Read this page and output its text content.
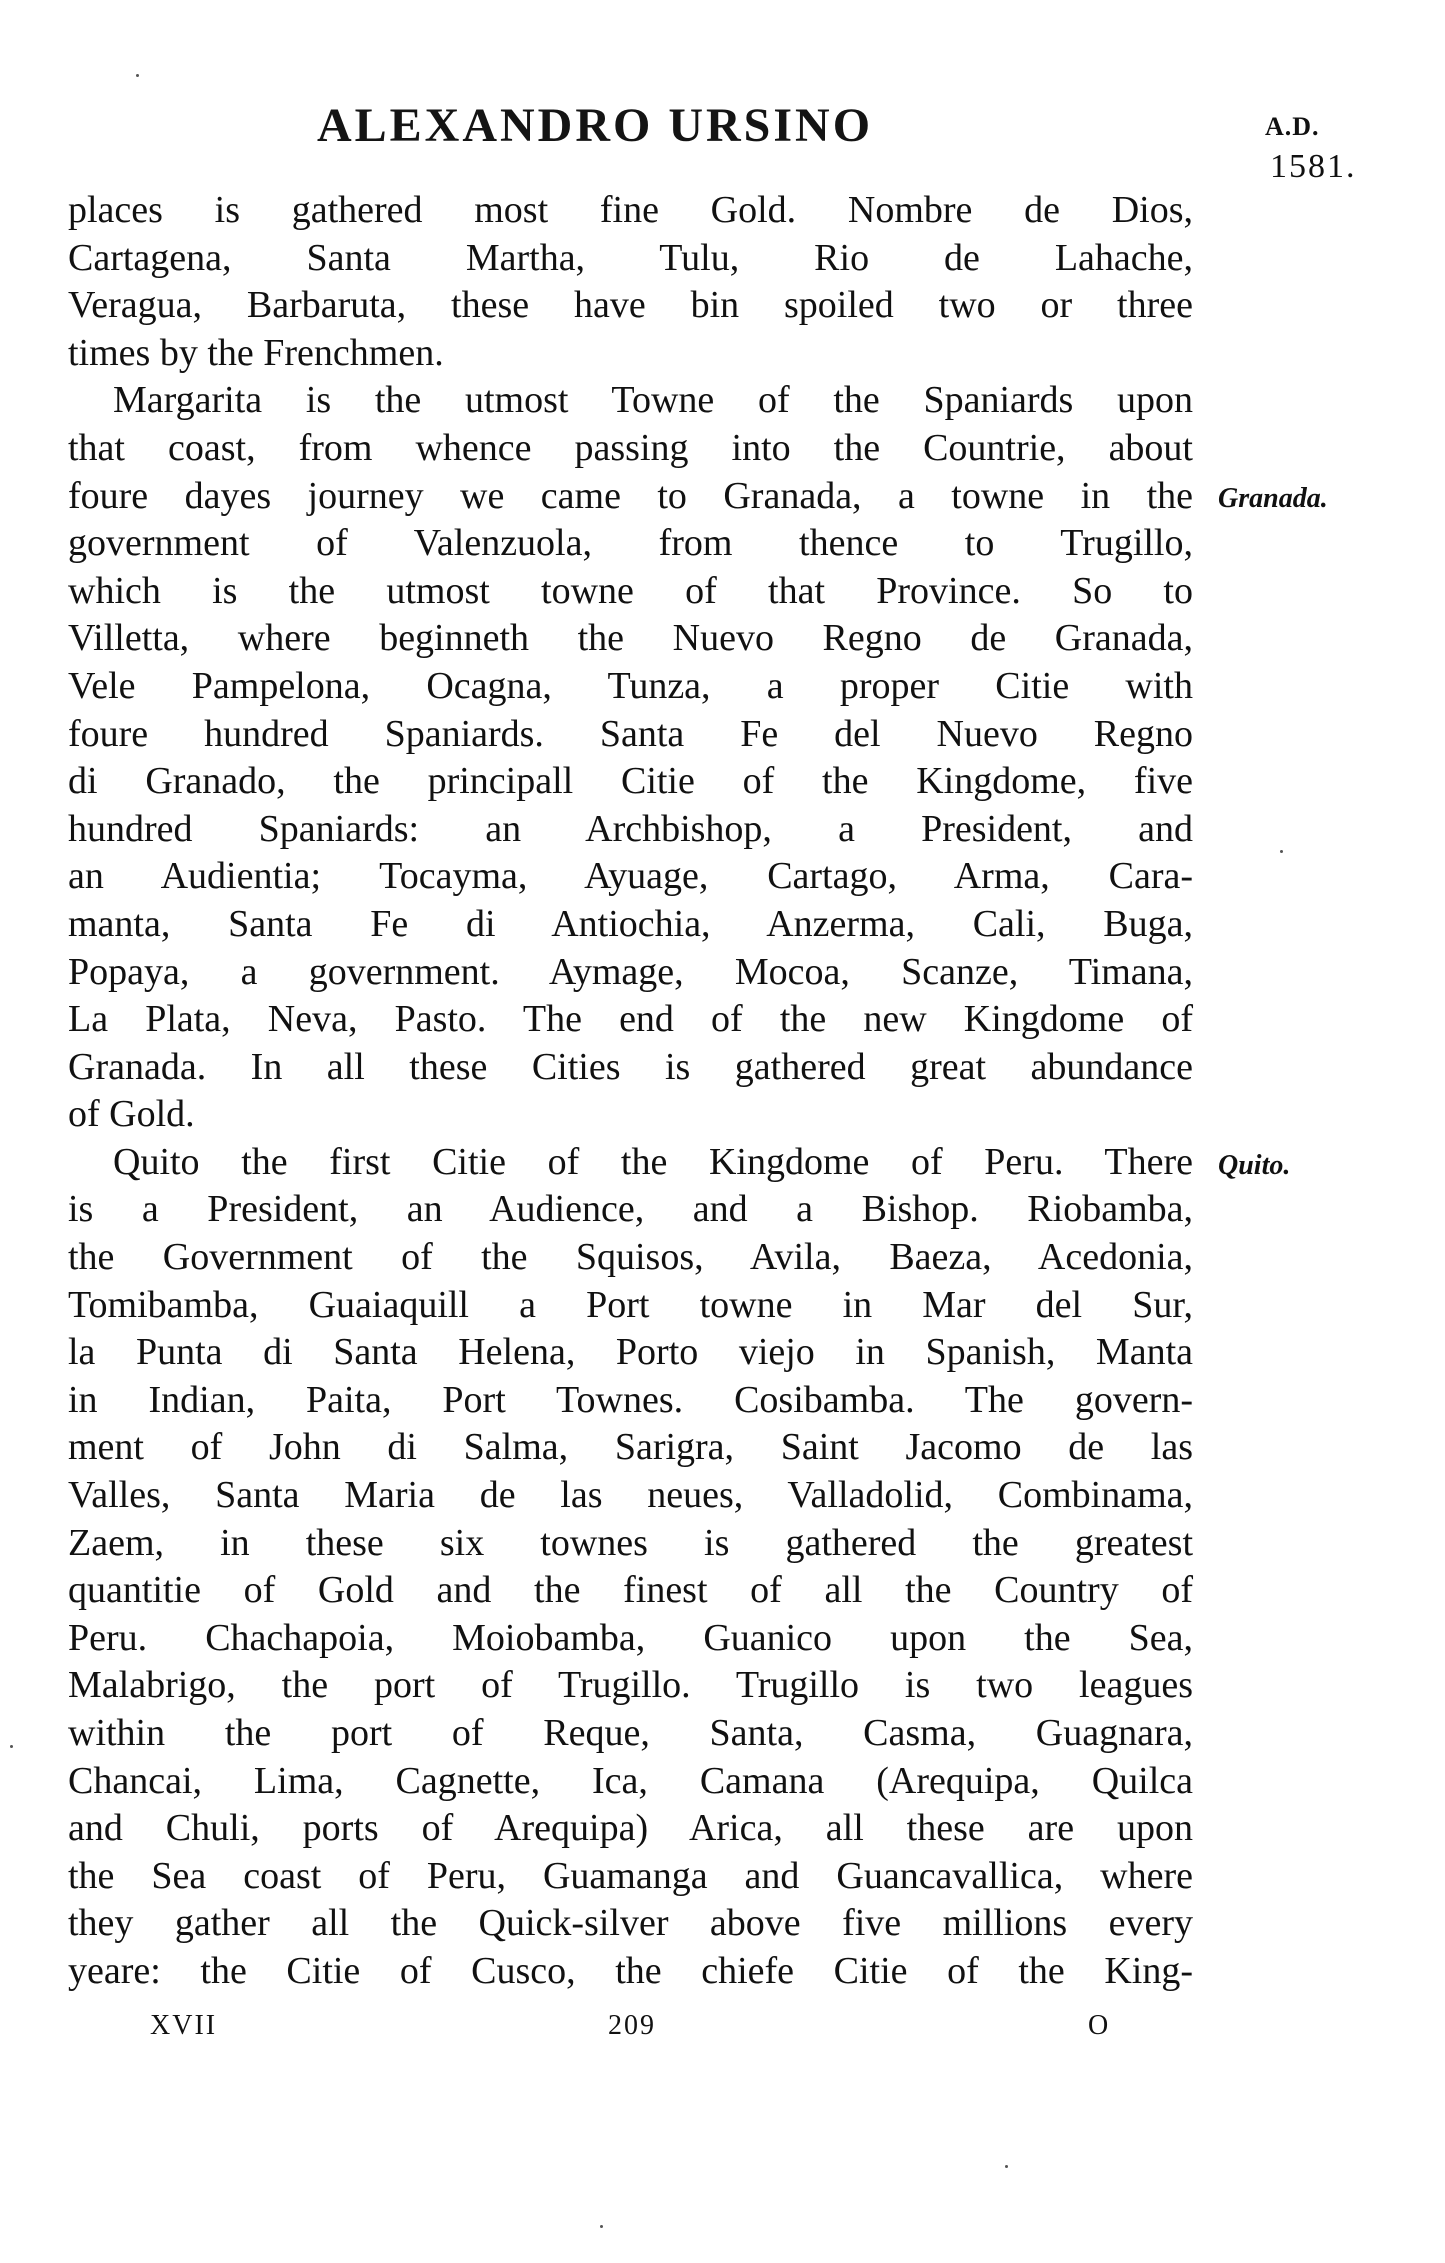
ALEXANDRO URSINO	A.D.
1581.
Granada.
Quito.
places is gathered most fine Gold. Nombre de Dios,
Cartagena, Santa Martha, Tulu, Rio de Lahache,
Veragua, Barbaruta, these have bin spoiled two or three
times by the Frenchmen.
Margarita is the utmost Towne of the Spaniards upon
that coast, from whence passing into the Countrie, about
foure dayes journey we came to Granada, a towne in the
government of Valenzuola, from thence to Trugillo,
which is the utmost towne of that Province. So to
Villetta, where beginneth the Nuevo Regno de Granada,
Vele Pampelona, Ocagna, Tunza, a proper Citie with
foure hundred Spaniards. Santa Fe del Nuevo Regno
di Granado, the principall Citie of the Kingdome, five
hundred Spaniards: an Archbishop, a President, and
an Audientia; Tocayma, Ayuage, Cartago, Arma, Cara-
manta, Santa Fe di Antiochia, Anzerma, Cali, Buga,
Popaya, a government. Aymage, Mocoa, Scanze, Timana,
La Plata, Neva, Pasto. The end of the new Kingdome of
Granada. In all these Cities is gathered great abundance
of Gold.
Quito the first Citie of the Kingdome of Peru. There
is a President, an Audience, and a Bishop. Riobamba,
the Government of the Squisos, Avila, Baeza, Acedonia,
Tomibamba, Guaiaquill a Port towne in Mar del Sur,
la Punta di Santa Helena, Porto viejo in Spanish, Manta
in Indian, Paita, Port Townes. Cosibamba. The govern-
ment of John di Salma, Sarigra, Saint Jacomo de las
Valles, Santa Maria de las neues, Valladolid, Combinama,
Zaem, in these six townes is gathered the greatest
quantitie of Gold and the finest of all the Country of
Peru. Chachapoia, Moiobamba, Guanico upon the Sea,
Malabrigo, the port of Trugillo. Trugillo is two leagues
within the port of Reque, Santa, Casma, Guagnara,
Chancai, Lima, Cagnette, Ica, Camana (Arequipa, Quilca
and Chuli, ports of Arequipa) Arica, all these are upon
the Sea coast of Peru, Guamanga and Guancavallica, where
they gather all the Quick-silver above five millions every
yeare: the Citie of Cusco, the chiefe Citie of the King-
XVII	209	O
